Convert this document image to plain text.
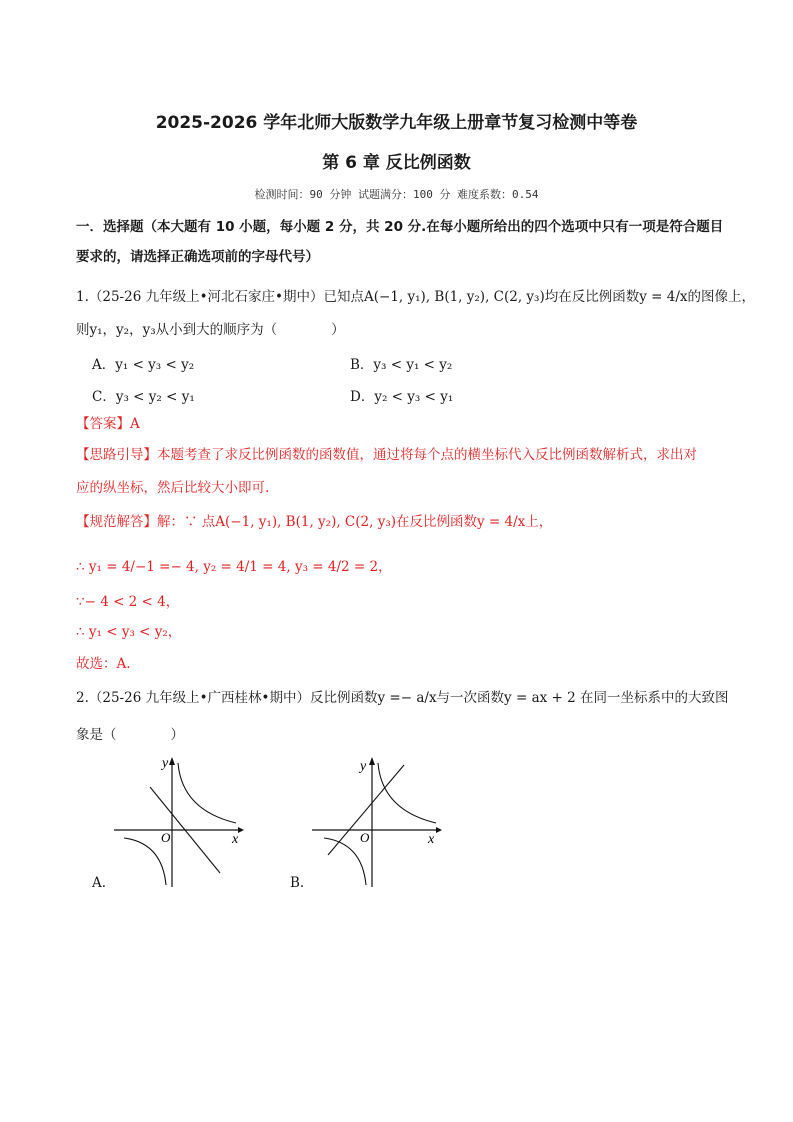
2025-2026 学年北师大版数学九年级上册章节复习检测中等卷
第 6 章 反比例函数
检测时间：90 分钟 试题满分：100 分 难度系数：0.54
一．选择题（本大题有 10 小题，每小题 2 分，共 20 分.在每小题所给出的四个选项中只有一项是符合题目
要求的，请选择正确选项前的字母代号）
1.（25-26 九年级上•河北石家庄•期中）已知点A(−1, y₁), B(1, y₂), C(2, y₃)均在反比例函数y = 4/x的图像上，
则y₁，y₂，y₃从小到大的顺序为（　　　　）
A．y₁ < y₃ < y₂	B．y₃ < y₁ < y₂
C．y₃ < y₂ < y₁	D．y₂ < y₃ < y₁
【答案】A
【思路引导】本题考查了求反比例函数的函数值，通过将每个点的横坐标代入反比例函数解析式，求出对
应的纵坐标，然后比较大小即可.
【规范解答】解：∵ 点A(−1, y₁), B(1, y₂), C(2, y₃)在反比例函数y = 4/x上，
∴ y₁ = 4/−1 =− 4, y₂ = 4/1 = 4, y₃ = 4/2 = 2，
∵− 4 < 2 < 4，
∴ y₁ < y₃ < y₂，
故选：A.
2.（25-26 九年级上•广西桂林•期中）反比例函数y =− a/x与一次函数y = ax + 2 在同一坐标系中的大致图
象是（　　　　）
y
x
O
A.
y
x
O
B.
